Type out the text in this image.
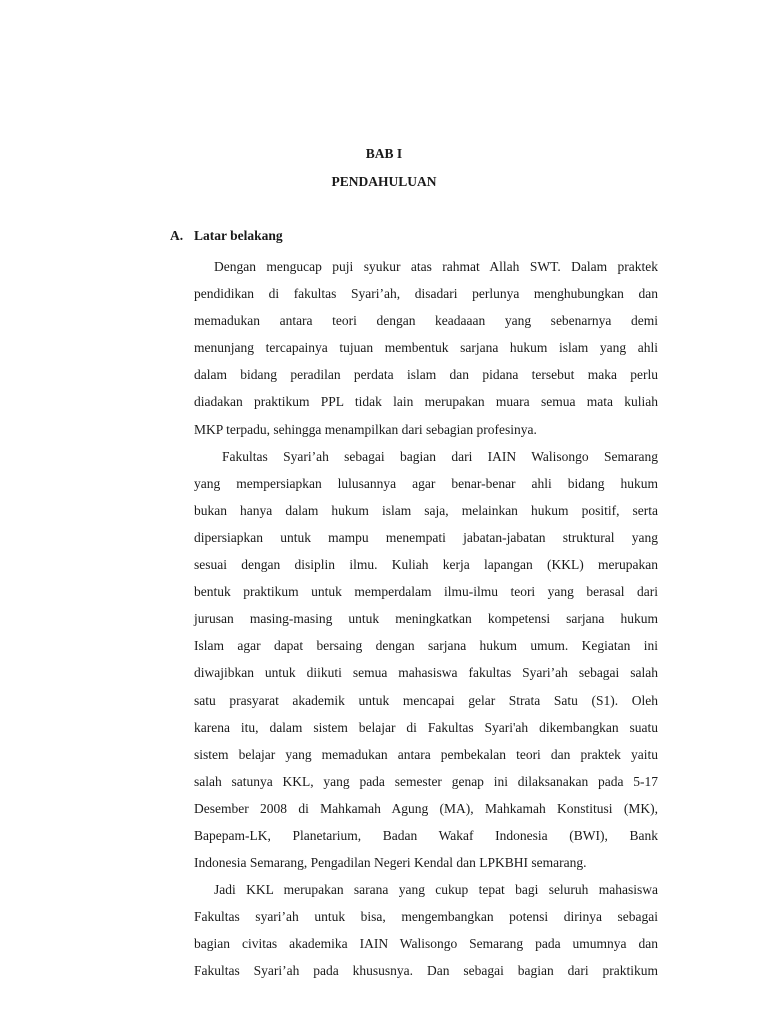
BAB I
PENDAHULUAN
A. Latar belakang
Dengan mengucap puji syukur atas rahmat Allah SWT. Dalam praktek
pendidikan di fakultas Syari’ah, disadari perlunya menghubungkan dan
memadukan antara teori dengan keadaaan yang sebenarnya demi
menunjang tercapainya tujuan membentuk sarjana hukum islam yang ahli
dalam bidang peradilan perdata islam dan pidana tersebut maka perlu
diadakan praktikum PPL tidak lain merupakan muara semua mata kuliah
MKP terpadu, sehingga menampilkan dari sebagian profesinya.
Fakultas Syari’ah sebagai bagian dari IAIN Walisongo Semarang
yang mempersiapkan lulusannya agar benar-benar ahli bidang hukum
bukan hanya dalam hukum islam saja, melainkan hukum positif, serta
dipersiapkan untuk mampu menempati jabatan-jabatan struktural yang
sesuai dengan disiplin ilmu. Kuliah kerja lapangan (KKL) merupakan
bentuk praktikum untuk memperdalam ilmu-ilmu teori yang berasal dari
jurusan masing-masing untuk meningkatkan kompetensi sarjana hukum
Islam agar dapat bersaing dengan sarjana hukum umum. Kegiatan ini
diwajibkan untuk diikuti semua mahasiswa fakultas Syari’ah sebagai salah
satu prasyarat akademik untuk mencapai gelar Strata Satu (S1). Oleh
karena itu, dalam sistem belajar di Fakultas Syari'ah dikembangkan suatu
sistem belajar yang memadukan antara pembekalan teori dan praktek yaitu
salah satunya KKL, yang pada semester genap ini dilaksanakan pada 5-17
Desember 2008 di Mahkamah Agung (MA), Mahkamah Konstitusi (MK),
Bapepam-LK, Planetarium, Badan Wakaf Indonesia (BWI), Bank
Indonesia Semarang, Pengadilan Negeri Kendal dan LPKBHI semarang.
Jadi KKL merupakan sarana yang cukup tepat bagi seluruh mahasiswa
Fakultas syari’ah untuk bisa, mengembangkan potensi dirinya sebagai
bagian civitas akademika IAIN Walisongo Semarang pada umumnya dan
Fakultas Syari’ah pada khususnya. Dan sebagai bagian dari praktikum
